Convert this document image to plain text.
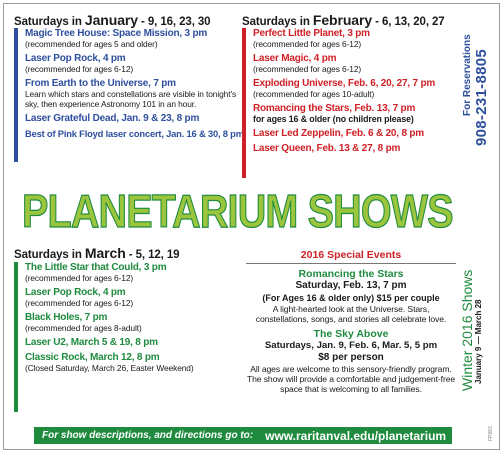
Saturdays in January - 9, 16, 23, 30
Magic Tree House: Space Mission, 3 pm
(recommended for ages 5 and older)
Laser Pop Rock, 4 pm
(recommended for ages 6-12)
From Earth to the Universe, 7 pm
Learn which stars and constellations are visible in tonight's sky, then experience Astronomy 101 in an hour.
Laser Grateful Dead, Jan. 9 & 23, 8 pm
Best of Pink Floyd laser concert, Jan. 16 & 30, 8 pm
Saturdays in February - 6, 13, 20, 27
Perfect Little Planet, 3 pm
(recommended for ages 6-12)
Laser Magic, 4 pm
(recommended for ages 6-12)
Exploding Universe, Feb. 6, 20, 27, 7 pm
(recommended for ages 10-adult)
Romancing the Stars, Feb. 13, 7 pm
for ages 16 & older (no children please)
Laser Led Zeppelin, Feb. 6 & 20, 8 pm
Laser Queen, Feb. 13 & 27, 8 pm
For Reservations 908-231-8805
PLANETARIUM SHOWS
Saturdays in March - 5, 12, 19
The Little Star that Could, 3 pm
(recommended for ages 6-12)
Laser Pop Rock, 4 pm
(recommended for ages 6-12)
Black Holes, 7 pm
(recommended for ages 8-adult)
Laser U2, March 5 & 19, 8 pm
Classic Rock, March 12, 8 pm
(Closed Saturday, March 26, Easter Weekend)
2016 Special Events
Romancing the Stars
Saturday, Feb. 13, 7 pm
(For Ages 16 & older only) $15 per couple
A light-hearted look at the Universe. Stars, constellations, songs, and stories all celebrate love.
The Sky Above
Saturdays, Jan. 9, Feb. 6, Mar. 5, 5 pm
$8 per person
All ages are welcome to this sensory-friendly program. The show will provide a comfortable and judgement-free space that is welcoming to all families.	Winter 2016 Shows January 9 — March 28
For show descriptions, and directions go to: www.raritanval.edu/planetarium	FP883
